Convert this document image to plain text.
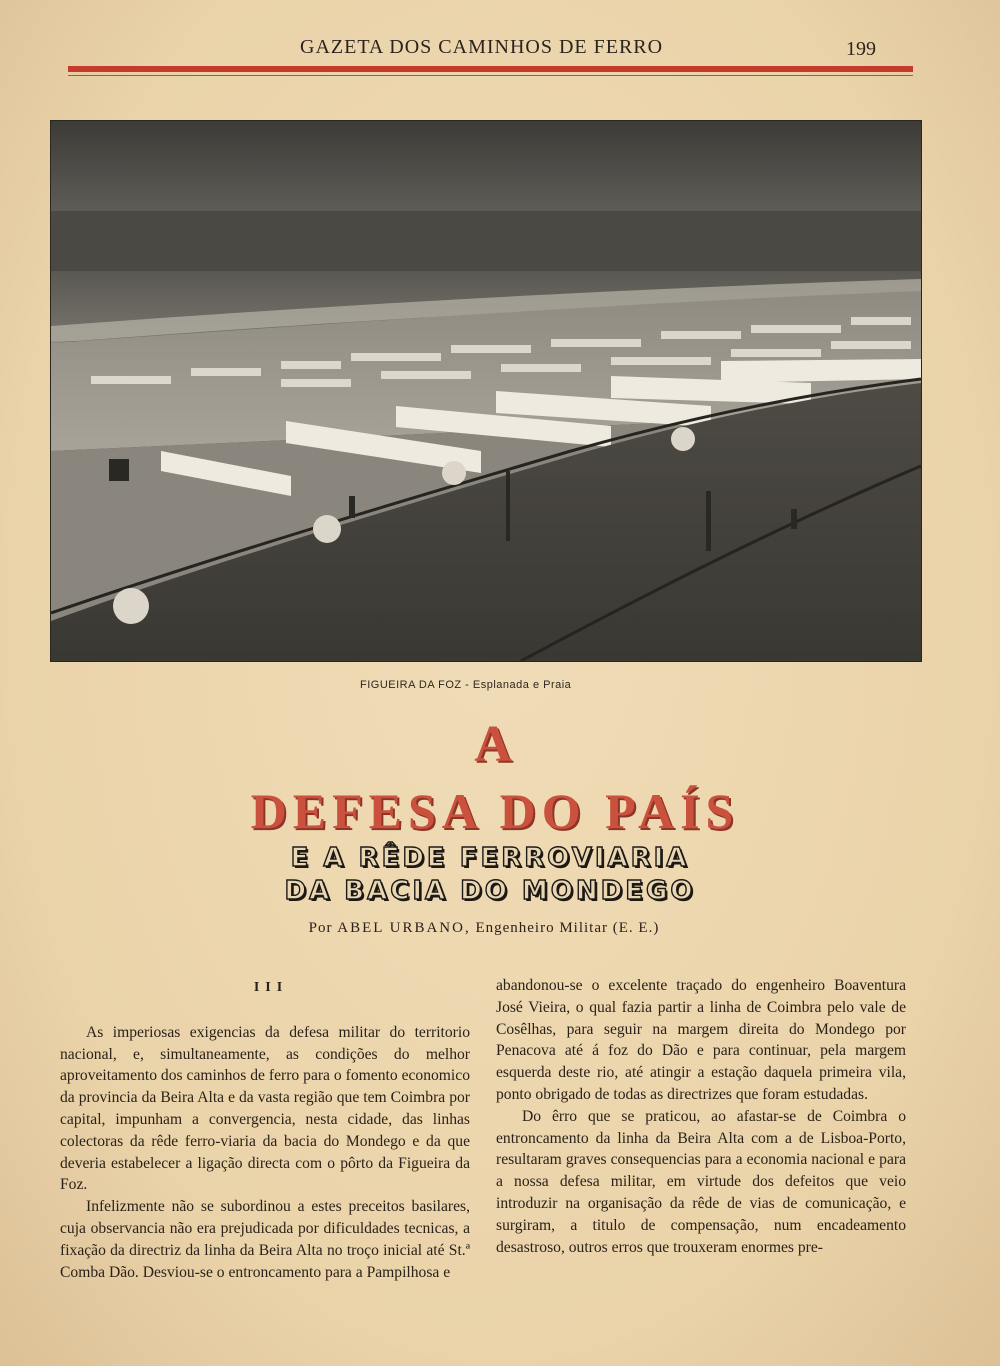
GAZETA DOS CAMINHOS DE FERRO	199
FIGUEIRA DA FOZ - Esplanada e Praia
A
DEFESA DO PAÍS
E A RÊDE FERROVIARIA
DA BACIA DO MONDEGO
Por ABEL URBANO, Engenheiro Militar (E. E.)
III

As imperiosas exigencias da defesa militar do territorio nacional, e, simultaneamente, as condições do melhor aproveitamento dos caminhos de ferro para o fomento economico da provincia da Beira Alta e da vasta região que tem Coimbra por capital, impunham a convergencia, nesta cidade, das linhas colectoras da rêde ferro-viaria da bacia do Mondego e da que deveria estabelecer a ligação directa com o pôrto da Figueira da Foz.

Infelizmente não se subordinou a estes preceitos basilares, cuja observancia não era prejudicada por dificuldades tecnicas, a fixação da directriz da linha da Beira Alta no troço inicial até St.ª Comba Dão. Desviou-se o entroncamento para a Pampilhosa e

abandonou-se o excelente traçado do engenheiro Boaventura José Vieira, o qual fazia partir a linha de Coimbra pelo vale de Cosêlhas, para seguir na margem direita do Mondego por Penacova até á foz do Dão e para continuar, pela margem esquerda deste rio, até atingir a estação daquela primeira vila, ponto obrigado de todas as directrizes que foram estudadas.

Do êrro que se praticou, ao afastar-se de Coimbra o entroncamento da linha da Beira Alta com a de Lisboa-Porto, resultaram graves consequencias para a economia nacional e para a nossa defesa militar, em virtude dos defeitos que veio introduzir na organisação da rêde de vias de comunicação, e surgiram, a titulo de compensação, num encadeamento desastroso, outros erros que trouxeram enormes pre-
